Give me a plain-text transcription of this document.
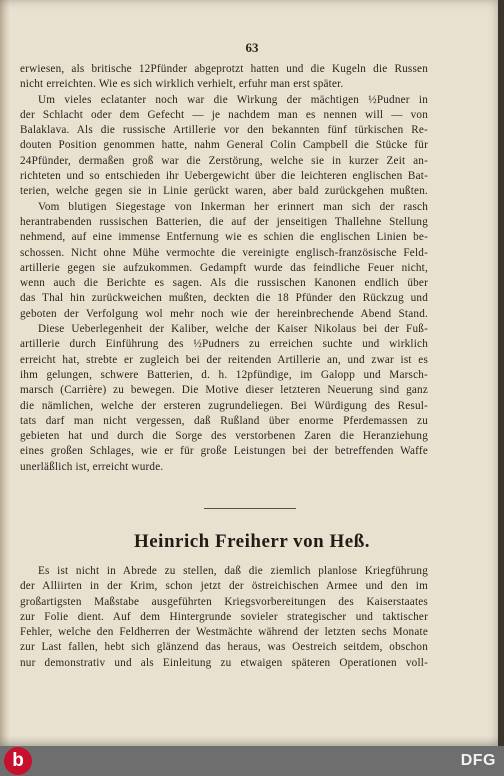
63
erwiesen, als britische 12Pfünder abgeprotzt hatten und die Kugeln die Russen
nicht erreichten. Wie es sich wirklich verhielt, erfuhr man erst später.
Um vieles eclatanter noch war die Wirkung der mächtigen ½Pudner in
der Schlacht oder dem Gefecht — je nachdem man es nennen will — von
Balaklava. Als die russische Artillerie vor den bekannten fünf türkischen Re-
douten Position genommen hatte, nahm General Colin Campbell die Stücke für
24Pfünder, dermaßen groß war die Zerstörung, welche sie in kurzer Zeit an-
richteten und so entschieden ihr Uebergewicht über die leichteren englischen Bat-
terien, welche gegen sie in Linie gerückt waren, aber bald zurückgehen mußten.
Vom blutigen Siegestage von Inkerman her erinnert man sich der rasch
herantrabenden russischen Batterien, die auf der jenseitigen Thallehne Stellung
nehmend, auf eine immense Entfernung wie es schien die englischen Linien be-
schossen. Nicht ohne Mühe vermochte die vereinigte englisch-französische Feld-
artillerie gegen sie aufzukommen. Gedampft wurde das feindliche Feuer nicht,
wenn auch die Berichte es sagen. Als die russischen Kanonen endlich über
das Thal hin zurückweichen mußten, deckten die 18 Pfünder den Rückzug und
geboten der Verfolgung wol mehr noch wie der hereinbrechende Abend Stand.
Diese Ueberlegenheit der Kaliber, welche der Kaiser Nikolaus bei der Fuß-
artillerie durch Einführung des ½Pudners zu erreichen suchte und wirklich
erreicht hat, strebte er zugleich bei der reitenden Artillerie an, und zwar ist es
ihm gelungen, schwere Batterien, d. h. 12pfündige, im Galopp und Marsch-
marsch (Carrière) zu bewegen. Die Motive dieser letzteren Neuerung sind ganz
die nämlichen, welche der ersteren zugrundeliegen. Bei Würdigung des Resul-
tats darf man nicht vergessen, daß Rußland über enorme Pferdemassen zu
gebieten hat und durch die Sorge des verstorbenen Zaren die Heranziehung
eines großen Schlages, wie er für große Leistungen bei der betreffenden Waffe
unerläßlich ist, erreicht wurde.
Heinrich Freiherr von Heß.
Es ist nicht in Abrede zu stellen, daß die ziemlich planlose Kriegführung
der Alliirten in der Krim, schon jetzt der östreichischen Armee und den im
großartigsten Maßstabe ausgeführten Kriegsvorbereitungen des Kaiserstaates
zur Folie dient. Auf dem Hintergrunde sovieler strategischer und taktischer
Fehler, welche den Feldherren der Westmächte während der letzten sechs Monate
zur Last fallen, hebt sich glänzend das heraus, was Oestreich seitdem, obschon
nur demonstrativ und als Einleitung zu etwaigen späteren Operationen voll-
b	DFG
